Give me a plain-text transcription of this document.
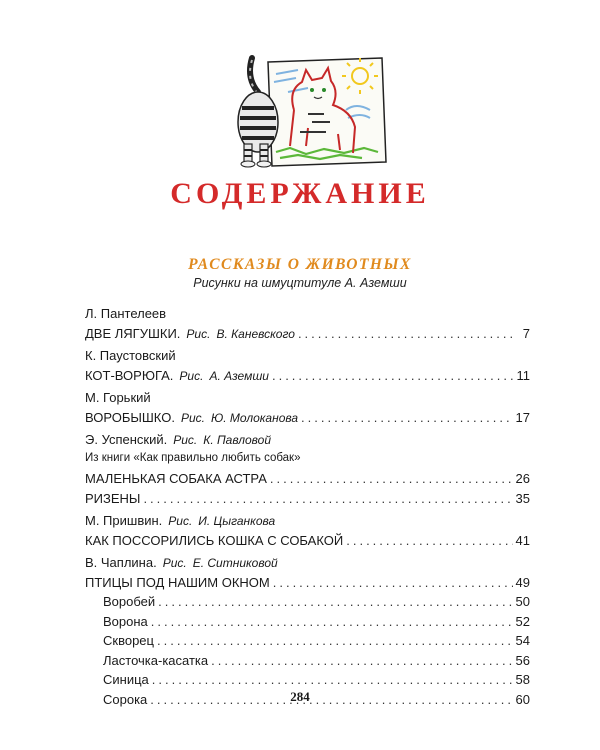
СОДЕРЖАНИЕ
РАССКАЗЫ О ЖИВОТНЫХ
Рисунки на шмуцтитуле А. Аземши
Л. Пантелеев
ДВЕ ЛЯГУШКИ. Рис. В. Каневского .....	7
К. Паустовский
КОТ-ВОРЮГА. Рис. А. Аземши .....	11
М. Горький
ВОРОБЫШКО. Рис. Ю. Молоканова .....	17
Э. Успенский. Рис. К. Павловой
Из книги «Как правильно любить собак»
МАЛЕНЬКАЯ СОБАКА АСТРА .....	26
РИЗЕНЫ .....	35
М. Пришвин. Рис. И. Цыганкова
КАК ПОССОРИЛИСЬ КОШКА С СОБАКОЙ .....	41
В. Чаплина. Рис. Е. Ситниковой
ПТИЦЫ ПОД НАШИМ ОКНОМ .....	49
Воробей .....	50
Ворона .....	52
Скворец .....	54
Ласточка-касатка .....	56
Синица .....	58
Сорока .....	60
284
